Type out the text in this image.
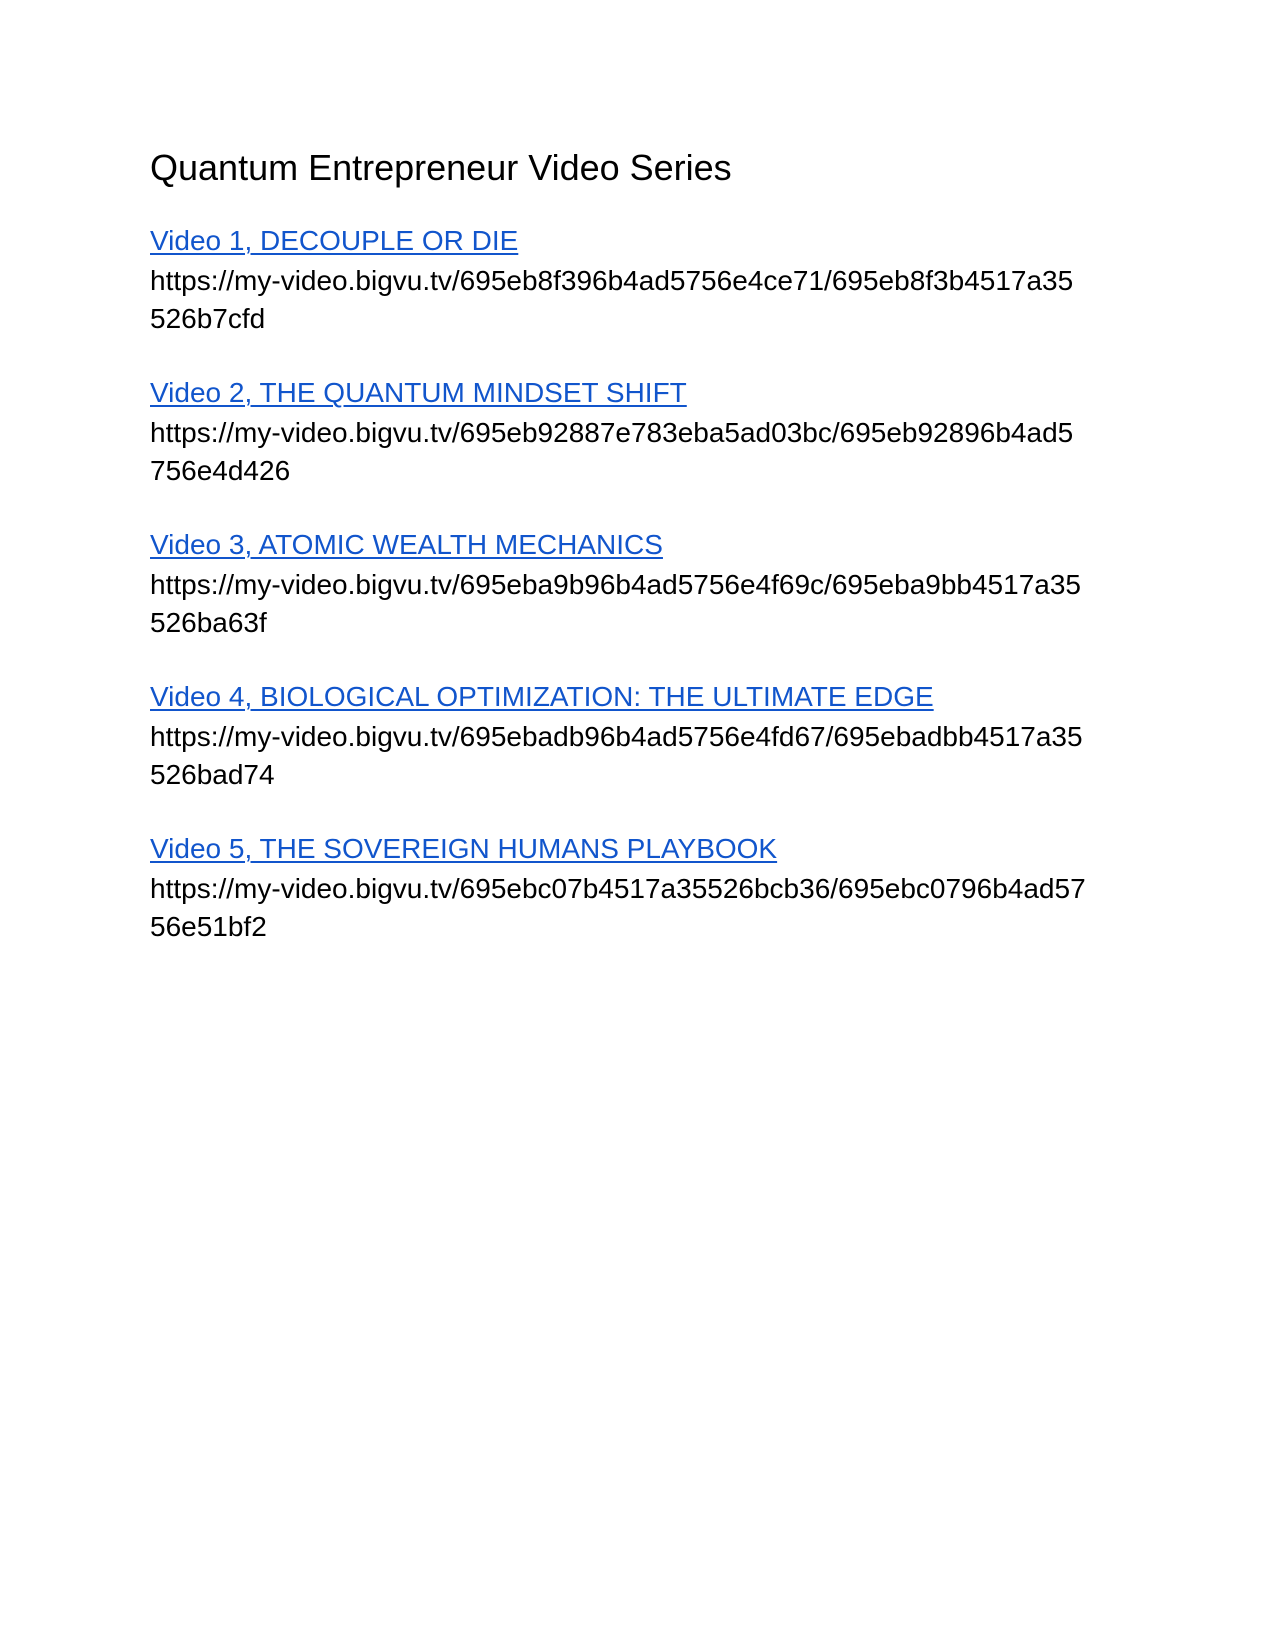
Quantum Entrepreneur Video Series
Video 1, DECOUPLE OR DIE
https://my-video.bigvu.tv/695eb8f396b4ad5756e4ce71/695eb8f3b4517a35
526b7cfd
Video 2, THE QUANTUM MINDSET SHIFT
https://my-video.bigvu.tv/695eb92887e783eba5ad03bc/695eb92896b4ad5
756e4d426
Video 3, ATOMIC WEALTH MECHANICS
https://my-video.bigvu.tv/695eba9b96b4ad5756e4f69c/695eba9bb4517a35
526ba63f
Video 4, BIOLOGICAL OPTIMIZATION: THE ULTIMATE EDGE
https://my-video.bigvu.tv/695ebadb96b4ad5756e4fd67/695ebadbb4517a35
526bad74
Video 5, THE SOVEREIGN HUMANS PLAYBOOK
https://my-video.bigvu.tv/695ebc07b4517a35526bcb36/695ebc0796b4ad57
56e51bf2
